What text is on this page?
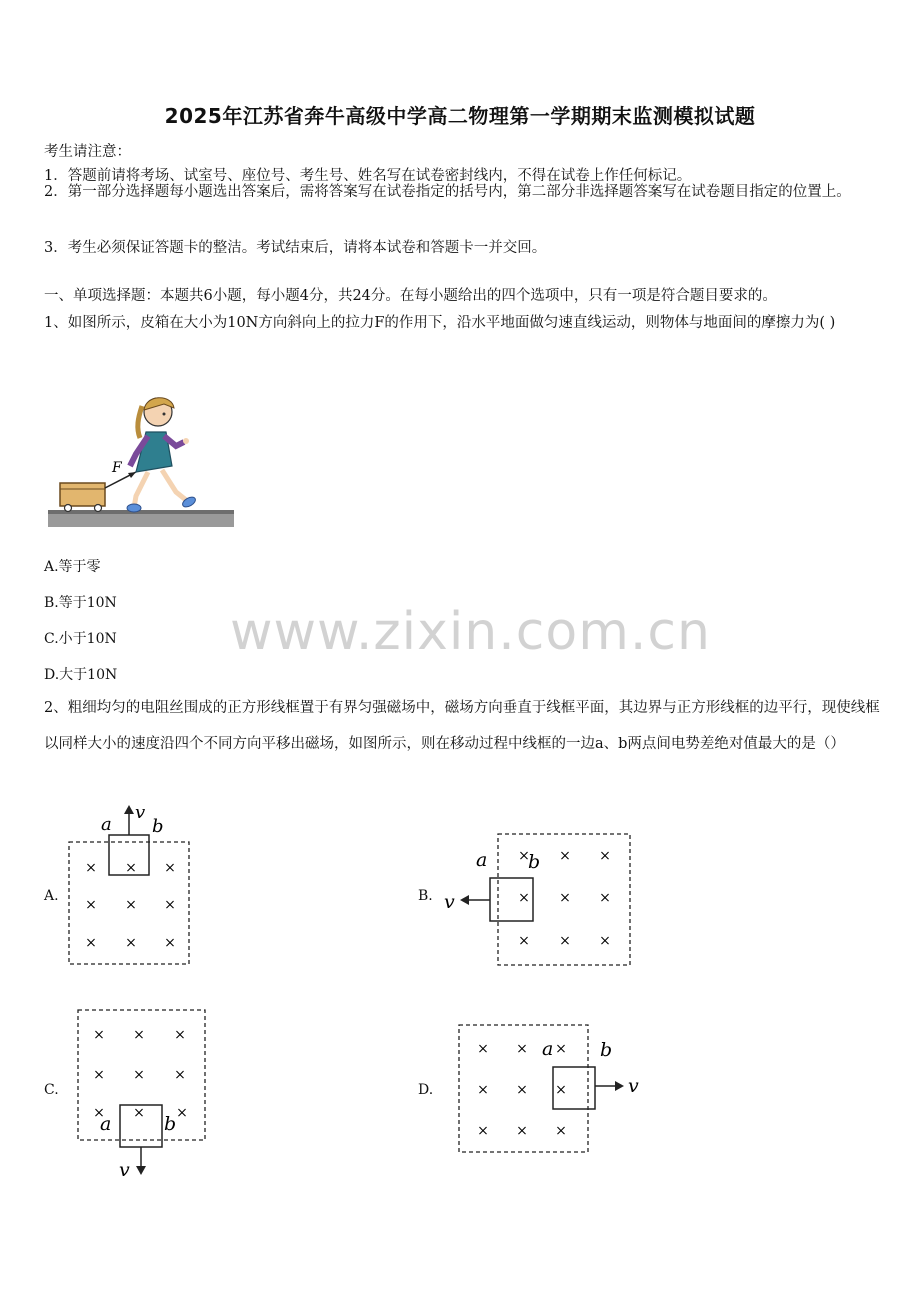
2025年江苏省奔牛高级中学高二物理第一学期期末监测模拟试题
考生请注意：
1．答题前请将考场、试室号、座位号、考生号、姓名写在试卷密封线内，不得在试卷上作任何标记。
2．第一部分选择题每小题选出答案后，需将答案写在试卷指定的括号内，第二部分非选择题答案写在试卷题目指定的位置上。
3．考生必须保证答题卡的整洁。考试结束后，请将本试卷和答题卡一并交回。
一、单项选择题：本题共6小题，每小题4分，共24分。在每小题给出的四个选项中，只有一项是符合题目要求的。
1、如图所示，皮箱在大小为10N方向斜向上的拉力F的作用下，沿水平地面做匀速直线运动，则物体与地面间的摩擦力为( )
F
A.等于零
B.等于10N
C.小于10N
D.大于10N
www.zixin.com.cn
2、粗细均匀的电阻丝围成的正方形线框置于有界匀强磁场中，磁场方向垂直于线框平面，其边界与正方形线框的边平行，现使线框以同样大小的速度沿四个不同方向平移出磁场，如图所示，则在移动过程中线框的一边a、b两点间电势差绝对值最大的是（）
A.
× × ×
× × ×
× × ×
a b
v
B.
× × ×
× × ×
× × ×
a b
v
C.
× × ×
× × ×
× × ×
a	b
v
D.
× × ×
× × ×
× × ×
a b
v
